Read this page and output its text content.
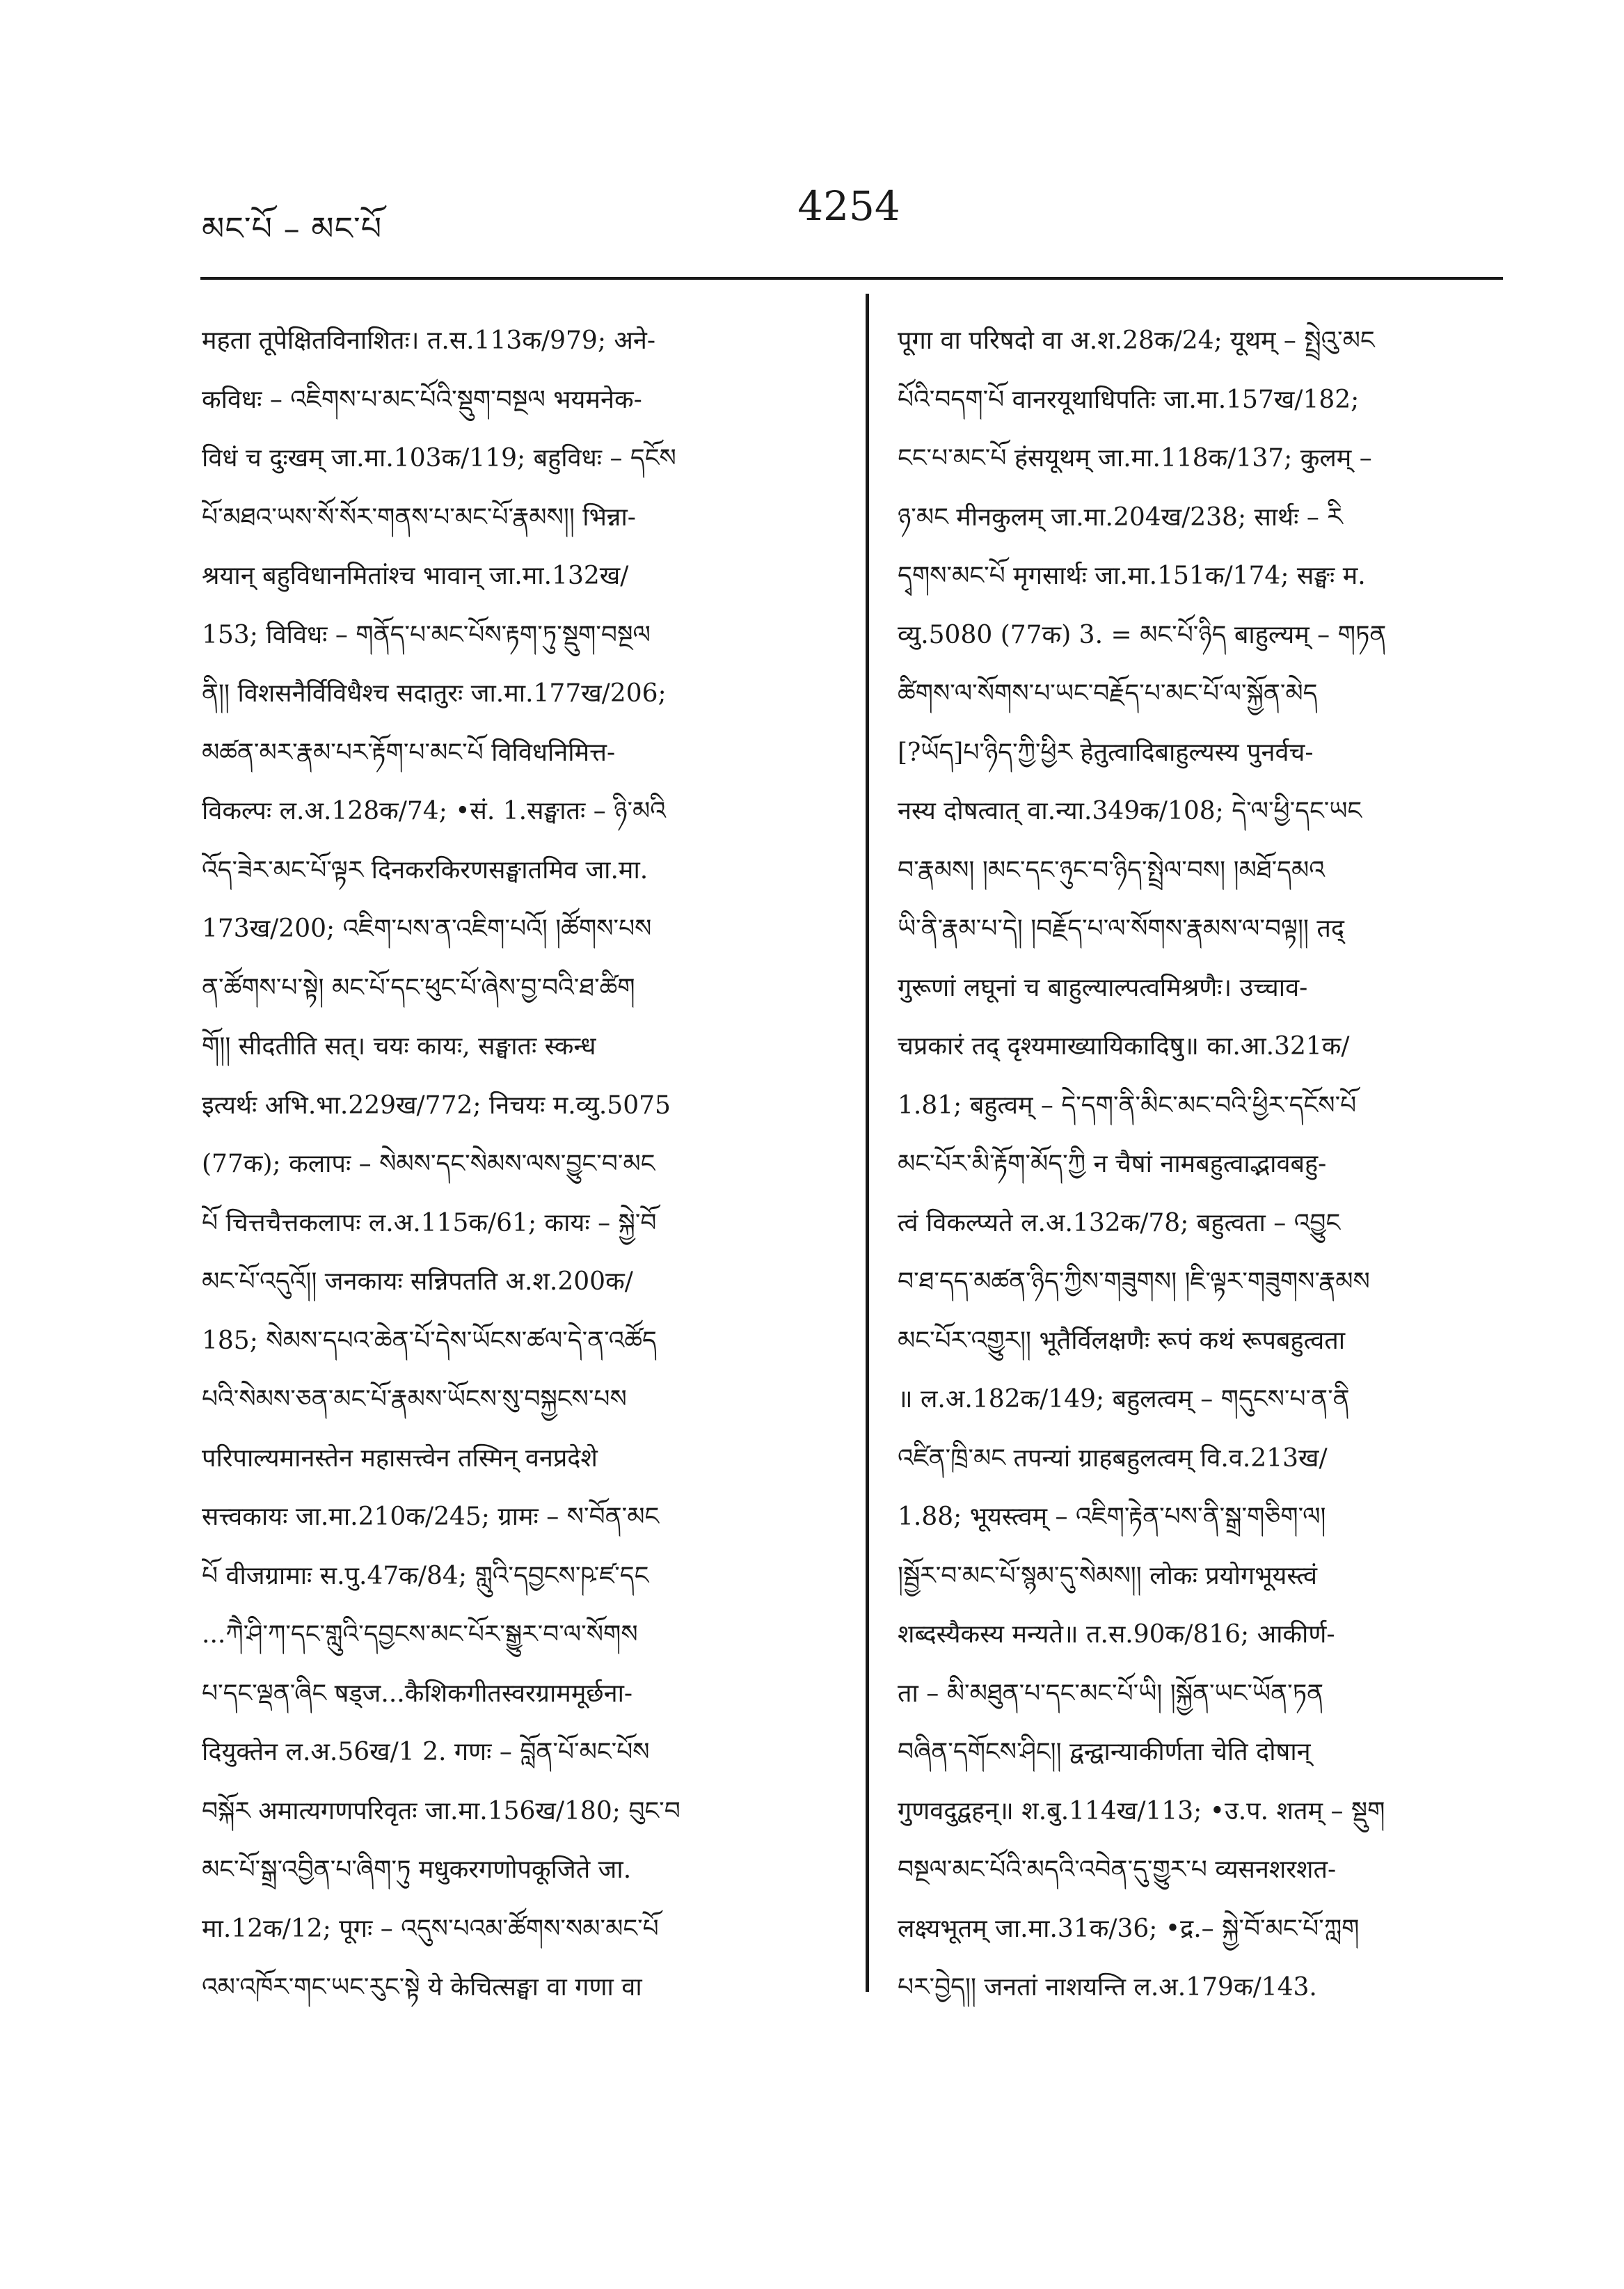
མང་པོ – མང་པོ	4254
महता तूपेक्षितविनाशितः। त.स.113क/979; अने-
कविधः – འཇིགས་པ་མང་པོའི་སྡུག་བསྔལ भयमनेक-
विधं च दुःखम् जा.मा.103क/119; बहुविधः – དངོས
པོ་མཐའ་ཡས་སོ་སོར་གནས་པ་མང་པོ་རྣམས།། भिन्ना-
श्रयान् बहुविधानमितांश्च भावान् जा.मा.132ख/
153; विविधः – གནོད་པ་མང་པོས་རྟག་ཏུ་སྡུག་བསྔལ
ནི།། विशसनैर्विविधैश्च सदातुरः जा.मा.177ख/206;
མཚན་མར་རྣམ་པར་རྟོག་པ་མང་པོ विविधनिमित्त-
विकल्पः ल.अ.128क/74; •सं. 1.सङ्घातः – ཉི་མའི
འོད་ཟེར་མང་པོ་ལྟར दिनकरकिरणसङ्घातमिव जा.मा.
173ख/200; འཇིག་པས་ན་འཇིག་པའོ། །ཚོགས་པས
ན་ཚོགས་པ་སྟེ། མང་པོ་དང་ཕུང་པོ་ཞེས་བྱ་བའི་ཐ་ཚིག
གོ།། सीदतीति सत्। चयः कायः, सङ्घातः स्कन्ध
इत्यर्थः अभि.भा.229ख/772; निचयः म.व्यु.5075
(77क); कलापः – སེམས་དང་སེམས་ལས་བྱུང་བ་མང
པོ चित्तचैत्तकलापः ल.अ.115क/61; कायः – སྐྱེ་བོ
མང་པོ་འདུའོ།། जनकायः सन्निपतति अ.श.200क/
185; སེམས་དཔའ་ཆེན་པོ་དེས་ཡོངས་ཚལ་དེ་ན་འཚོད
པའི་སེམས་ཅན་མང་པོ་རྣམས་ཡོངས་སུ་བསྐྱངས་པས
परिपाल्यमानस्तेन महासत्त्वेन तस्मिन् वनप्रदेशे
सत्त्वकायः जा.मा.210क/245; ग्रामः – ས་བོན་མང
པོ वीजग्रामाः स.पु.47क/84; གླུའི་དབྱངས་ཥ་ཛ་དང
...ཀཻ་ཤི་ཀ་དང་གླུའི་དབྱངས་མང་པོར་སྒྱུར་བ་ལ་སོགས
པ་དང་ལྡན་ཞིང षड्ज...कैशिकगीतस्वरग्राममूर्छना-
दियुक्तेन ल.अ.56ख/1 2. गणः – བློན་པོ་མང་པོས
བསྐོར अमात्यगणपरिवृतः जा.मा.156ख/180; བུང་བ
མང་པོ་སྒྲ་འབྱིན་པ་ཞིག་ཏུ मधुकरगणोपकूजिते जा.
मा.12क/12; पूगः – འདུས་པའམ་ཚོགས་སམ་མང་པོ
འམ་འཁོར་གང་ཡང་རུང་སྟེ ये केचित्सङ्घा वा गणा वा
पूगा वा परिषदो वा अ.श.28क/24; यूथम् – སྤྲེའུ་མང
པོའི་བདག་པོ वानरयूथाधिपतिः जा.मा.157ख/182;
ངང་པ་མང་པོ हंसयूथम् जा.मा.118क/137; कुलम् –
ཉ་མང मीनकुलम् जा.मा.204ख/238; सार्थः – རི
དྭགས་མང་པོ मृगसार्थः जा.मा.151क/174; सङ्घः म.
व्यु.5080 (77क) 3. = མང་པོ་ཉིད बाहुल्यम् – གཏན
ཚིགས་ལ་སོགས་པ་ཡང་བརྗོད་པ་མང་པོ་ལ་སྐྱོན་མེད
[?ཡོད]པ་ཉིད་ཀྱི་ཕྱིར हेतुत्वादिबाहुल्यस्य पुनर्वच-
नस्य दोषत्वात् वा.न्या.349क/108; དེ་ལ་ཕྱི་དང་ཡང
བ་རྣམས། །མང་དང་ཉུང་བ་ཉིད་སྤྲེལ་བས། །མཐོ་དམའ
ཡི་ནི་རྣམ་པ་དེ། །བརྗོད་པ་ལ་སོགས་རྣམས་ལ་བལྟ།། तद्
गुरूणां लघूनां च बाहुल्याल्पत्वमिश्रणैः। उच्चाव-
चप्रकारं तद् दृश्यमाख्यायिकादिषु॥ का.आ.321क/
1.81; बहुत्वम् – དེ་དག་ནི་མིང་མང་བའི་ཕྱིར་དངོས་པོ
མང་པོར་མི་རྟོག་མོད་ཀྱི न चैषां नामबहुत्वाद्भावबहु-
त्वं विकल्प्यते ल.अ.132क/78; बहुत्वता – འབྱུང
བ་ཐ་དད་མཚན་ཉིད་ཀྱིས་གཟུགས། །ཇི་ལྟར་གཟུགས་རྣམས
མང་པོར་འགྱུར།། भूतैर्विलक्षणैः रूपं कथं रूपबहुत्वता
॥ ल.अ.182क/149; बहुलत्वम् – གདུངས་པ་ན་ནི
འཛིན་ཁྲི་མང तपन्यां ग्राहबहुलत्वम् वि.व.213ख/
1.88; भूयस्त्वम् – འཇིག་རྟེན་པས་ནི་སྒྲ་གཅིག་ལ།
།སྦྱོར་བ་མང་པོ་སྙམ་དུ་སེམས།། लोकः प्रयोगभूयस्त्वं
शब्दस्यैकस्य मन्यते॥ त.स.90क/816; आकीर्ण-
ता – མི་མཐུན་པ་དང་མང་པོ་ཡི། །སྐྱོན་ཡང་ཡོན་ཏན
བཞིན་དགོངས་ཤིང།། द्वन्द्वान्याकीर्णता चेति दोषान्
गुणवदुद्वहन्॥ श.बु.114ख/113; •उ.प. शतम् – སྡུག
བསྔལ་མང་པོའི་མདའི་འབེན་དུ་གྱུར་པ व्यसनशरशत-
लक्ष्यभूतम् जा.मा.31क/36; •द्र.– སྐྱེ་བོ་མང་པོ་ཀླག
པར་བྱེད།། जनतां नाशयन्ति ल.अ.179क/143.
